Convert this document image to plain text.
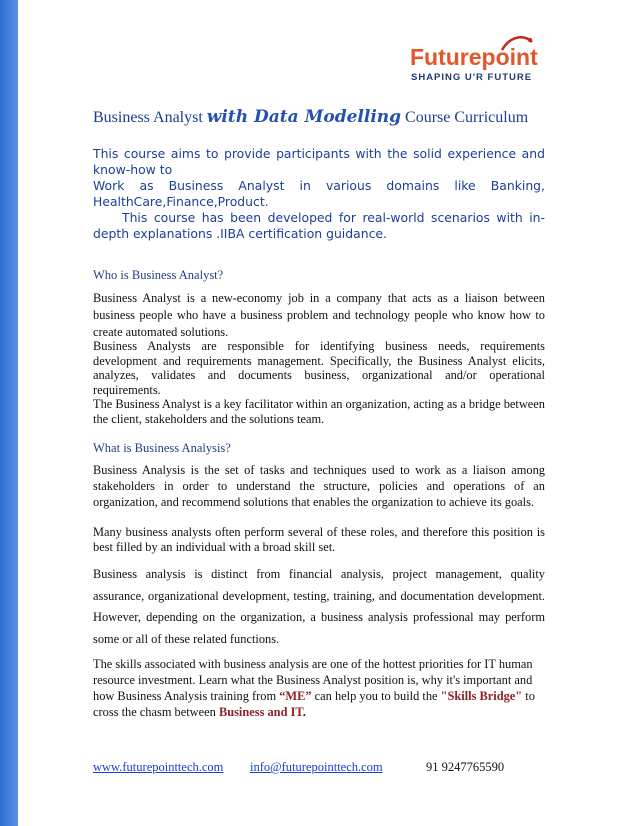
Futurepoint
SHAPING U'R FUTURE
Business Analyst with Data Modelling Course Curriculum

This course aims to provide participants with the solid experience and

know-how to

Work as Business Analyst in various domains like Banking,

HealthCare,Finance,Product.

This course has been developed for real-world scenarios with in-

depth explanations .IIBA certification guidance.

Who is Business Analyst?

Business Analyst is a new-economy job in a company that acts as a liaison between business people who have a business problem and technology people who know how to create automated solutions.

Business Analysts are responsible for identifying business needs, requirements development and requirements management. Specifically, the Business Analyst elicits, analyzes, validates and documents business, organizational and/or operational requirements.

The Business Analyst is a key facilitator within an organization, acting as a bridge between the client, stakeholders and the solutions team.

What is Business Analysis?

Business Analysis is the set of tasks and techniques used to work as a liaison among stakeholders in order to understand the structure, policies and operations of an organization, and recommend solutions that enables the organization to achieve its goals.

Many business analysts often perform several of these roles, and therefore this position is best filled by an individual with a broad skill set.

Business analysis is distinct from financial analysis, project management, quality assurance, organizational development, testing, training, and documentation development. However, depending on the organization, a business analysis professional may perform some or all of these related functions.

The skills associated with business analysis are one of the hottest priorities for IT human

resource investment. Learn what the Business Analyst position is, why it's important and

how Business Analysis training from “ME” can help you to build the "Skills Bridge" to

cross the chasm between Business and IT.

www.futurepointtech.com info@futurepointtech.com	91 9247765590
